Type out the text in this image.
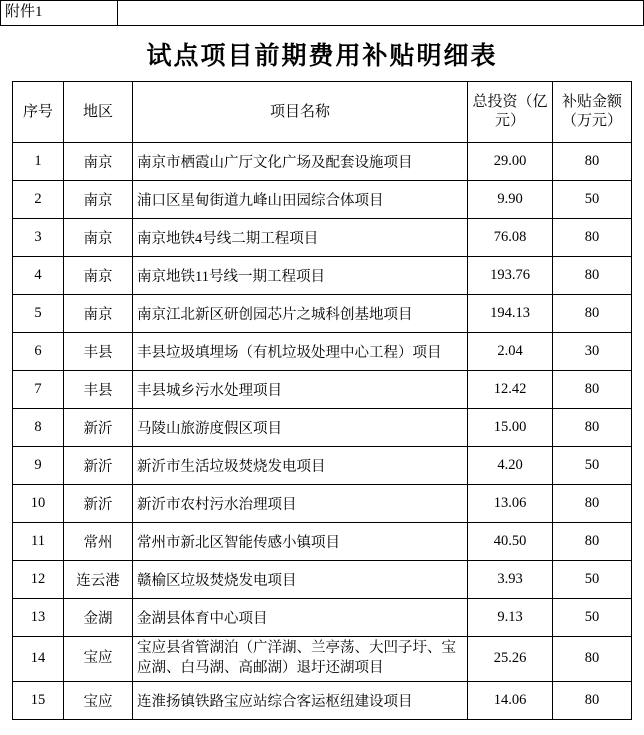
附件1
试点项目前期费用补贴明细表
序号	地区	项目名称	总投资（亿元）	补贴金额（万元）
1	南京	南京市栖霞山广厅文化广场及配套设施项目	29.00	80
2	南京	浦口区星甸街道九峰山田园综合体项目	9.90	50
3	南京	南京地铁4号线二期工程项目	76.08	80
4	南京	南京地铁11号线一期工程项目	193.76	80
5	南京	南京江北新区研创园芯片之城科创基地项目	194.13	80
6	丰县	丰县垃圾填埋场（有机垃圾处理中心工程）项目	2.04	30
7	丰县	丰县城乡污水处理项目	12.42	80
8	新沂	马陵山旅游度假区项目	15.00	80
9	新沂	新沂市生活垃圾焚烧发电项目	4.20	50
10	新沂	新沂市农村污水治理项目	13.06	80
11	常州	常州市新北区智能传感小镇项目	40.50	80
12	连云港	赣榆区垃圾焚烧发电项目	3.93	50
13	金湖	金湖县体育中心项目	9.13	50
14	宝应	宝应县省管湖泊（广洋湖、兰亭荡、大凹子圩、宝应湖、白马湖、高邮湖）退圩还湖项目	25.26	80
15	宝应	连淮扬镇铁路宝应站综合客运枢纽建设项目	14.06	80
